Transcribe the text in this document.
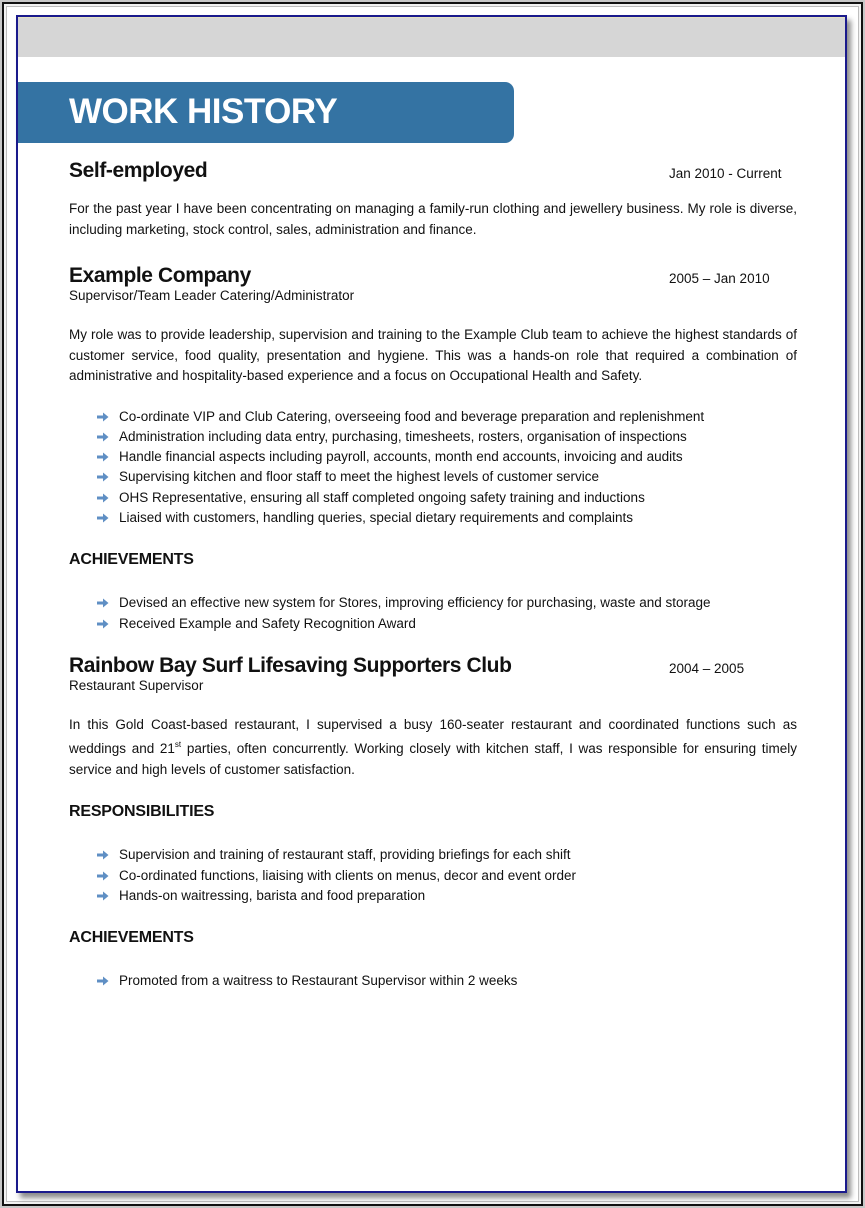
WORK HISTORY
Self-employed	Jan 2010 - Current

For the past year I have been concentrating on managing a family-run clothing and jewellery business. My role is diverse, including marketing, stock control, sales, administration and finance.

Example Company	2005 – Jan 2010
Supervisor/Team Leader Catering/Administrator

My role was to provide leadership, supervision and training to the Example Club team to achieve the highest standards of customer service, food quality, presentation and hygiene. This was a hands-on role that required a combination of administrative and hospitality-based experience and a focus on Occupational Health and Safety.

Co-ordinate VIP and Club Catering, overseeing food and beverage preparation and replenishment
Administration including data entry, purchasing, timesheets, rosters, organisation of inspections
Handle financial aspects including payroll, accounts, month end accounts, invoicing and audits
Supervising kitchen and floor staff to meet the highest levels of customer service
OHS Representative, ensuring all staff completed ongoing safety training and inductions
Liaised with customers, handling queries, special dietary requirements and complaints
ACHIEVEMENTS
Devised an effective new system for Stores, improving efficiency for purchasing, waste and storage
Received Example and Safety Recognition Award
Rainbow Bay Surf Lifesaving Supporters Club	2004 – 2005
Restaurant Supervisor

In this Gold Coast-based restaurant, I supervised a busy 160-seater restaurant and coordinated functions such as weddings and 21st parties, often concurrently. Working closely with kitchen staff, I was responsible for ensuring timely service and high levels of customer satisfaction.

RESPONSIBILITIES
Supervision and training of restaurant staff, providing briefings for each shift
Co-ordinated functions, liaising with clients on menus, decor and event order
Hands-on waitressing, barista and food preparation
ACHIEVEMENTS
Promoted from a waitress to Restaurant Supervisor within 2 weeks
